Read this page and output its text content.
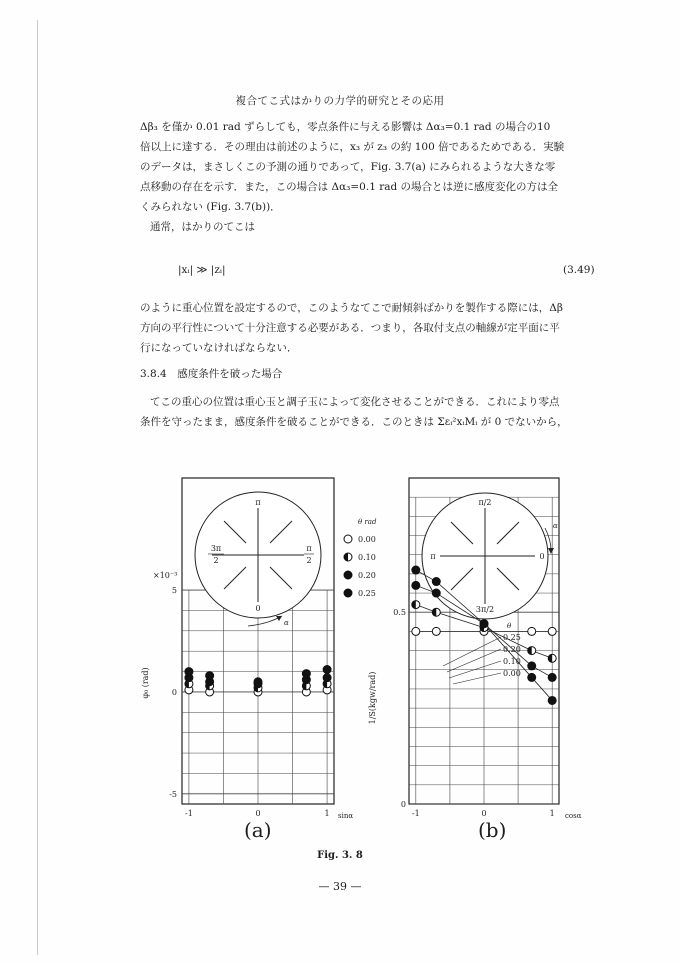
複合てこ式はかりの力学的研究とその応用

Δβ₃ を僅か 0.01 rad ずらしても，零点条件に与える影響は Δα₃=0.1 rad の場合の10

倍以上に達する．その理由は前述のように，x₃ が z₃ の約 100 倍であるためである．実験

のデータは，まさしくこの予測の通りであって，Fig. 3.7(a) にみられるような大きな零

点移動の存在を示す．また，この場合は Δα₃=0.1 rad の場合とは逆に感度変化の方は全

くみられない (Fig. 3.7(b))．

通常，はかりのてこは

|xᵢ| ≫ |zᵢ|	(3.49)

のように重心位置を設定するので，このようなてこで耐傾斜ばかりを製作する際には，Δβ

方向の平行性について十分注意する必要がある．つまり，各取付支点の軸線が定平面に平

行になっていなければならない．

3.8.4　感度条件を破った場合

てこの重心の位置は重心玉と調子玉によって変化させることができる．これにより零点

条件を守ったまま，感度条件を破ることができる．このときは Σεᵢ²xᵢMᵢ が 0 でないから，

π
3π
2
π
2
0
α
×10⁻³
5
0
-5
φ₀ (rad)
-1	0	1 sinα
θ rad
0.00
0.10
0.20
0.25
(a)
π/2
π	0
3π/2
α
θ
0.25
0.20
0.10
0.00
0.5
0
1/S(kgw/rad)
-1	0	1 cosα
(b)
Fig. 3. 8
— 39 —
